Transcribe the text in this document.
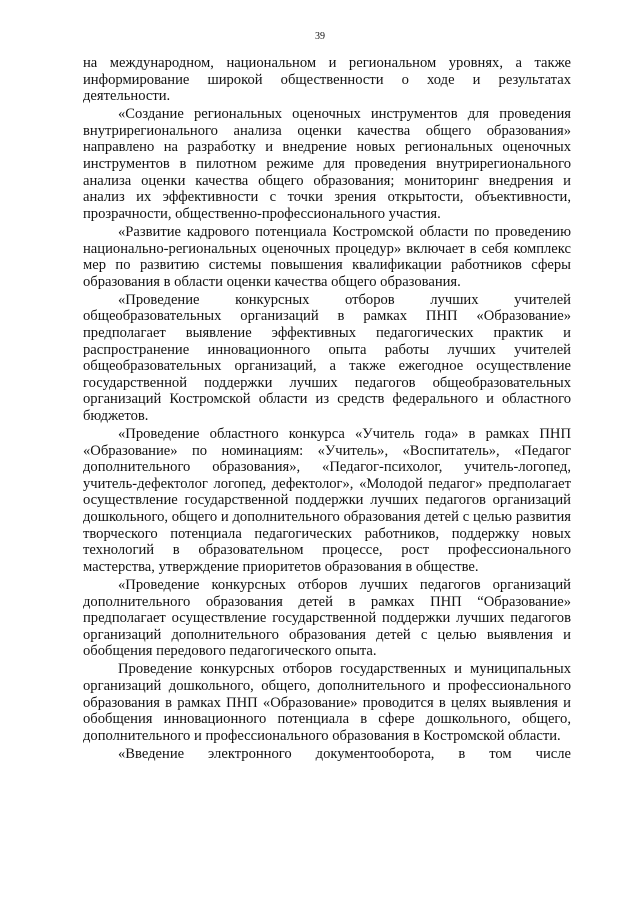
39

на международном, национальном и региональном уровнях, а также информирование широкой общественности о ходе и результатах деятельности.

«Создание региональных оценочных инструментов для проведения внутрирегионального анализа оценки качества общего образования» направлено на разработку и внедрение новых региональных оценочных инструментов в пилотном режиме для проведения внутрирегионального анализа оценки качества общего образования; мониторинг внедрения и анализ их эффективности с точки зрения открытости, объективности, прозрачности, общественно-профессионального участия.

«Развитие кадрового потенциала Костромской области по проведению национально-региональных оценочных процедур» включает в себя комплекс мер по развитию системы повышения квалификации работников сферы образования в области оценки качества общего образования.

«Проведение конкурсных отборов лучших учителей общеобразовательных организаций в рамках ПНП «Образование» предполагает выявление эффективных педагогических практик и распространение инновационного опыта работы лучших учителей общеобразовательных организаций, а также ежегодное осуществление государственной поддержки лучших педагогов общеобразовательных организаций Костромской области из средств федерального и областного бюджетов.

«Проведение областного конкурса «Учитель года» в рамках ПНП «Образование» по номинациям: «Учитель», «Воспитатель», «Педагог дополнительного образования», «Педагог-психолог, учитель-логопед, учитель-дефектолог логопед, дефектолог», «Молодой педагог» предполагает осуществление государственной поддержки лучших педагогов организаций дошкольного, общего и дополнительного образования детей с целью развития творческого потенциала педагогических работников, поддержку новых технологий в образовательном процессе, рост профессионального мастерства, утверждение приоритетов образования в обществе.

«Проведение конкурсных отборов лучших педагогов организаций дополнительного образования детей в рамках ПНП “Образование» предполагает осуществление государственной поддержки лучших педагогов организаций дополнительного образования детей с целью выявления и обобщения передового педагогического опыта.

Проведение конкурсных отборов государственных и муниципальных организаций дошкольного, общего, дополнительного и профессионального образования в рамках ПНП «Образование» проводится в целях выявления и обобщения инновационного потенциала в сфере дошкольного, общего, дополнительного и профессионального образования в Костромской области.

«Введение электронного документооборота, в том числе
